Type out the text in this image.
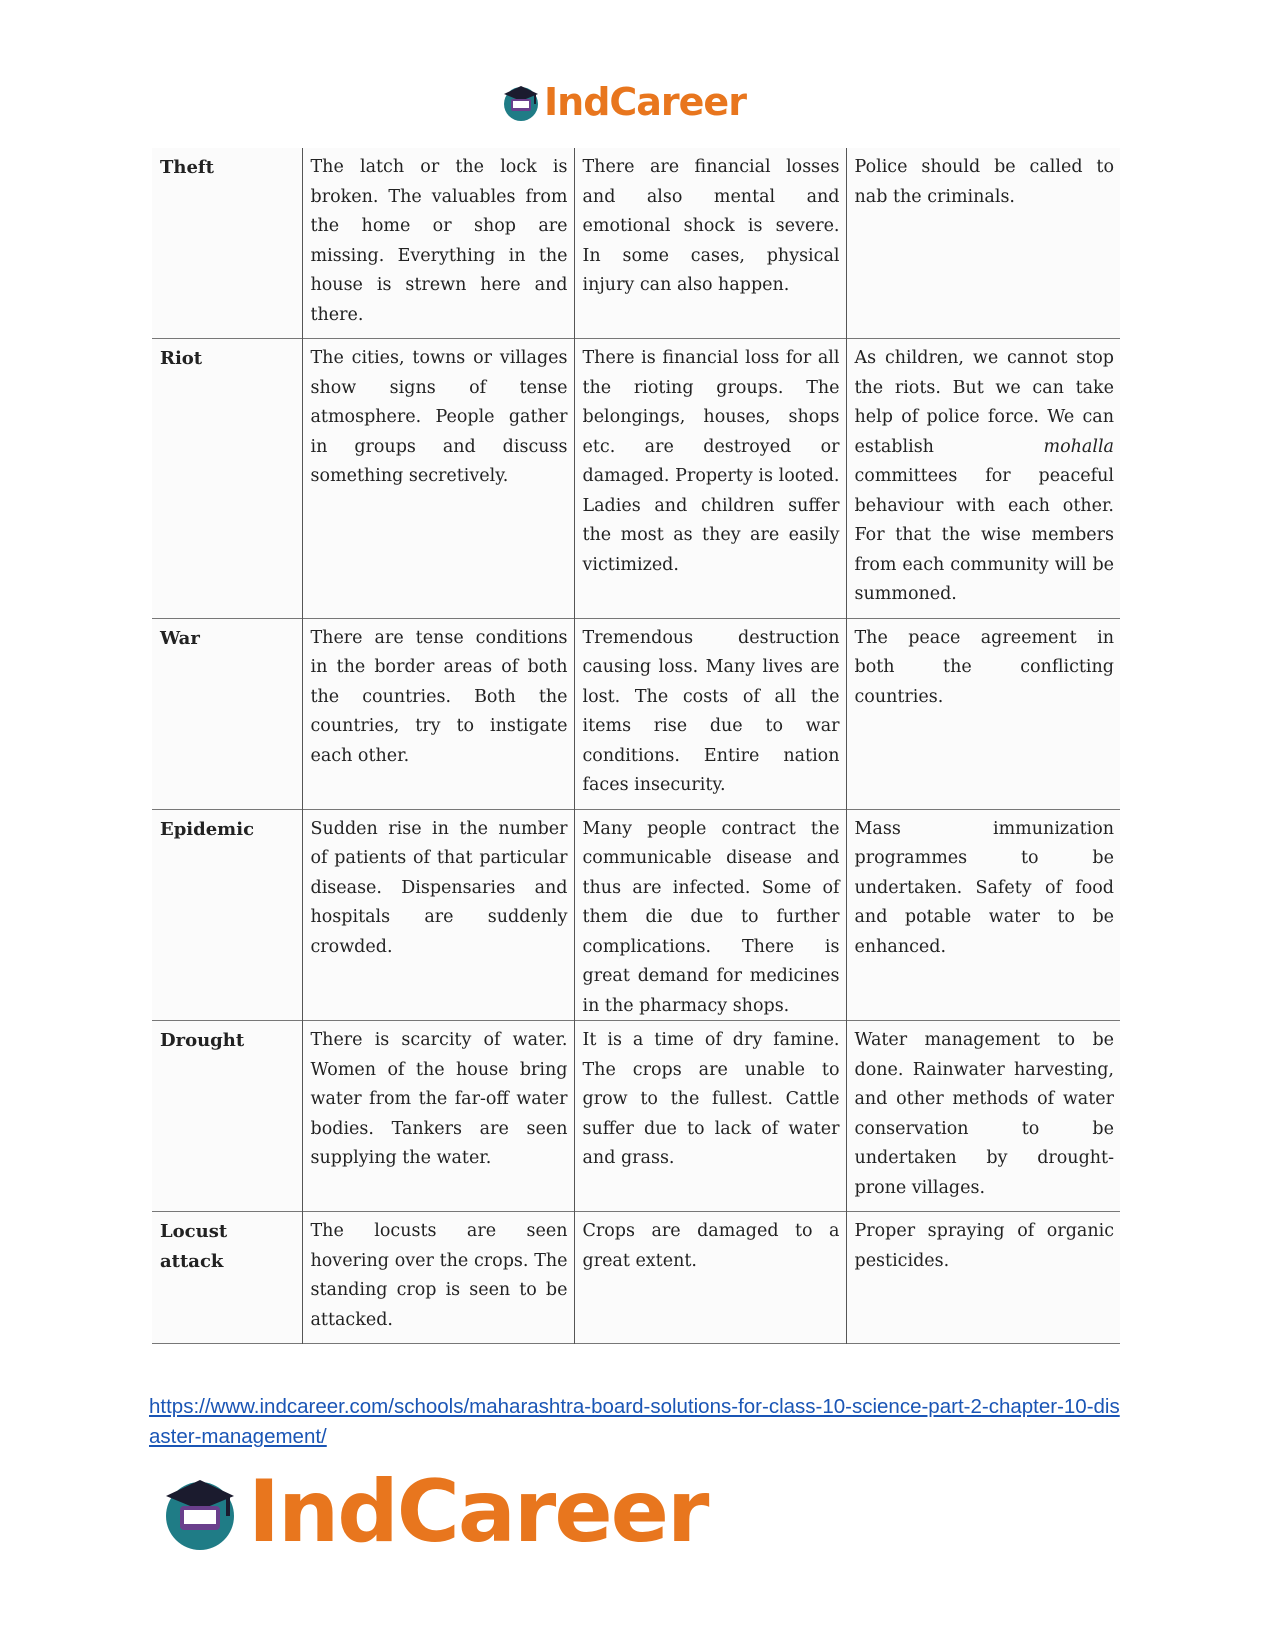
IndCareer
Theft	The latch or the lock is broken. The valuables from the home or shop are missing. Everything in the house is strewn here and there.	There are financial losses and also mental and emotional shock is severe. In some cases, physical injury can also happen.	Police should be called to nab the criminals.
Riot	The cities, towns or villages show signs of tense atmosphere. People gather in groups and discuss something secretively.	There is financial loss for all the rioting groups. The belongings, houses, shops etc. are destroyed or damaged. Property is looted. Ladies and children suffer the most as they are easily victimized.	As children, we cannot stop the riots. But we can take help of police force. We can establish mohalla committees for peaceful behaviour with each other. For that the wise members from each community will be summoned.
War	There are tense conditions in the border areas of both the countries. Both the countries, try to instigate each other.	Tremendous destruction causing loss. Many lives are lost. The costs of all the items rise due to war conditions. Entire nation faces insecurity.	The peace agreement in both the conflicting countries.
Epidemic	Sudden rise in the number of patients of that particular disease. Dispensaries and hospitals are suddenly crowded.	Many people contract the communicable disease and thus are infected. Some of them die due to further complications. There is great demand for medicines in the pharmacy shops.	Mass immunization programmes to be undertaken. Safety of food and potable water to be enhanced.
Drought	There is scarcity of water. Women of the house bring water from the far-off water bodies. Tankers are seen supplying the water.	It is a time of dry famine. The crops are unable to grow to the fullest. Cattle suffer due to lack of water and grass.	Water management to be done. Rainwater harvesting, and other methods of water conservation to be undertaken by drought-prone villages.
Locust attack	The locusts are seen hovering over the crops. The standing crop is seen to be attacked.	Crops are damaged to a great extent.	Proper spraying of organic pesticides.
https://www.indcareer.com/schools/maharashtra-board-solutions-for-class-10-science-part-2-chapter-10-disaster-management/
IndCareer
